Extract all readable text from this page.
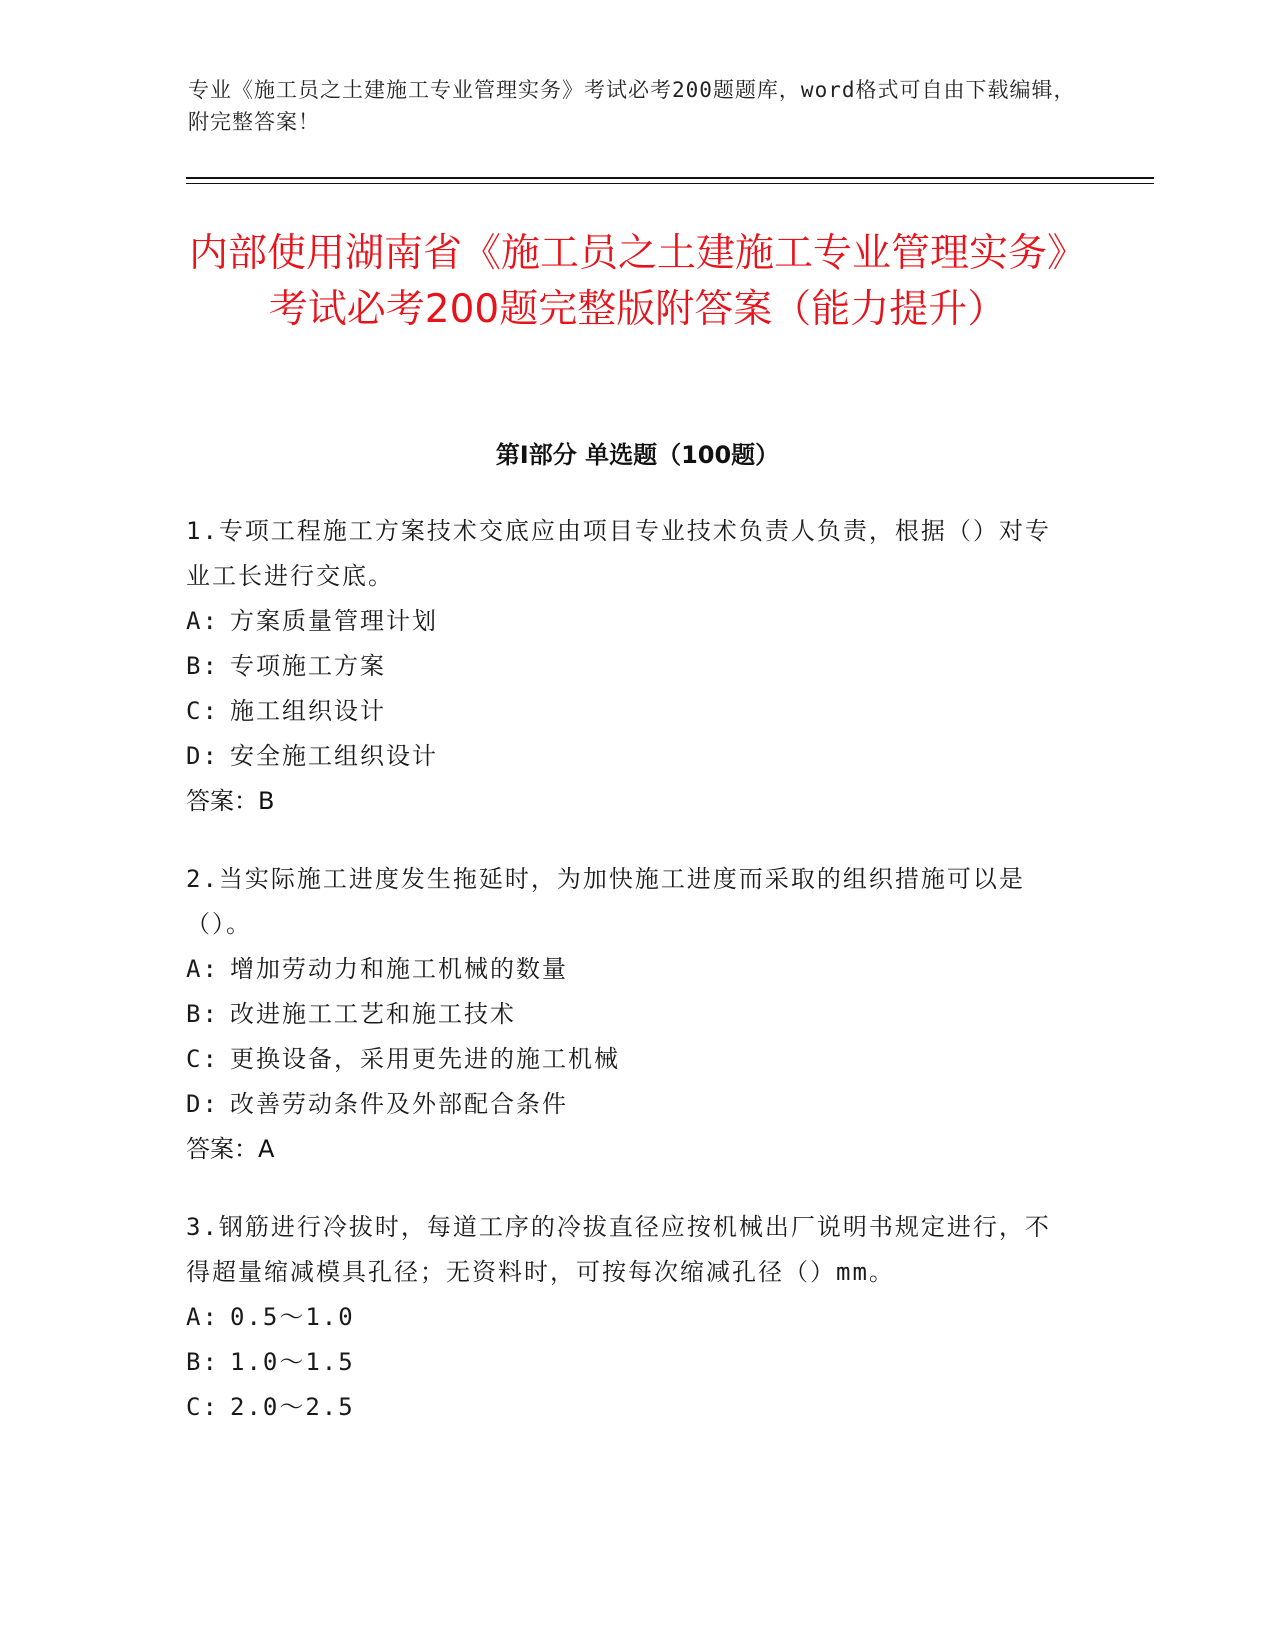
专业《施工员之土建施工专业管理实务》考试必考200题题库，word格式可自由下载编辑，附完整答案！
内部使用湖南省《施工员之土建施工专业管理实务》考试必考200题完整版附答案（能力提升）
第I部分 单选题（100题）
1.专项工程施工方案技术交底应由项目专业技术负责人负责，根据（）对专业工长进行交底。
A: 方案质量管理计划
B: 专项施工方案
C: 施工组织设计
D: 安全施工组织设计
答案：B
2.当实际施工进度发生拖延时，为加快施工进度而采取的组织措施可以是（）。
A: 增加劳动力和施工机械的数量
B: 改进施工工艺和施工技术
C: 更换设备，采用更先进的施工机械
D: 改善劳动条件及外部配合条件
答案：A
3.钢筋进行冷拔时，每道工序的冷拔直径应按机械出厂说明书规定进行，不得超量缩减模具孔径；无资料时，可按每次缩减孔径（）mm。
A: 0.5～1.0
B: 1.0～1.5
C: 2.0～2.5
